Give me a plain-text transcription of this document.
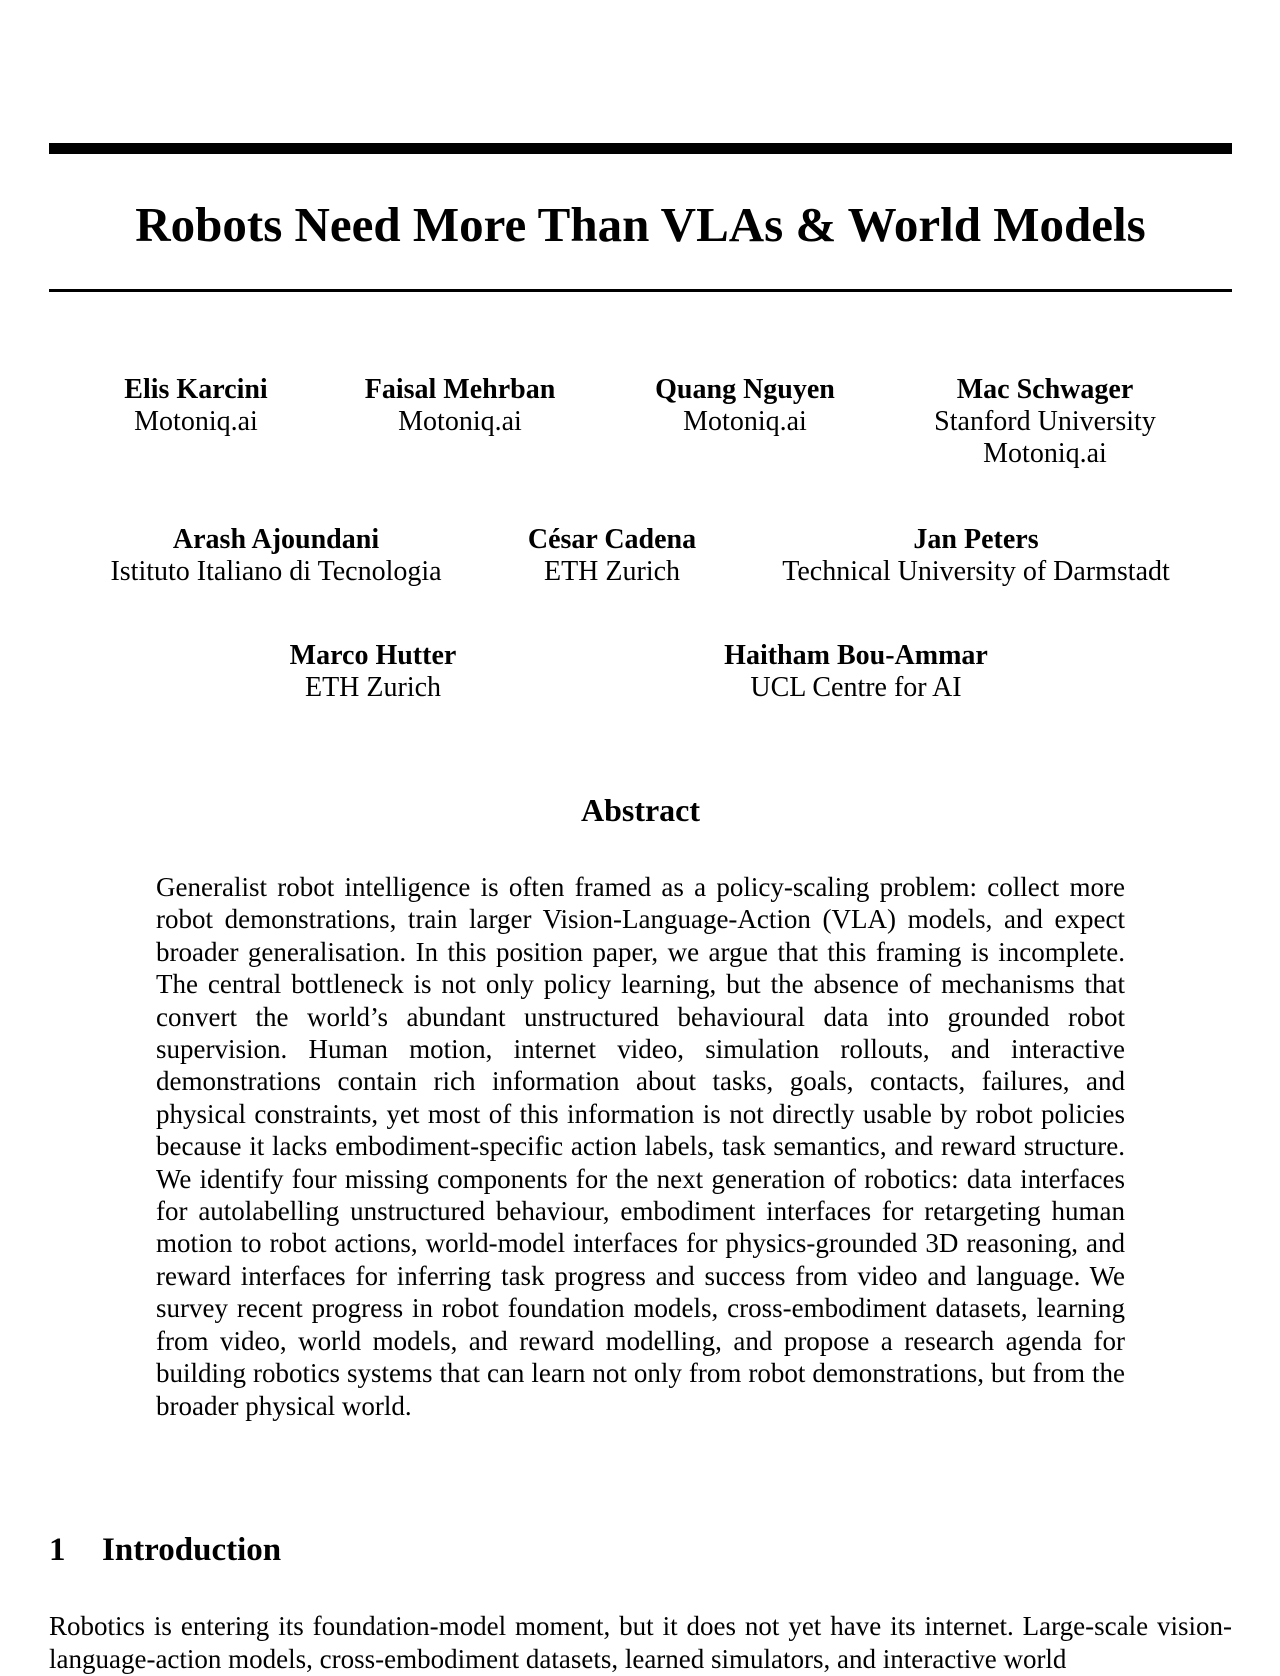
Robots Need More Than VLAs & World Models
Elis Karcini
Motoniq.ai
Faisal Mehrban
Motoniq.ai
Quang Nguyen
Motoniq.ai
Mac Schwager
Stanford University
Motoniq.ai
Arash Ajoundani
Istituto Italiano di Tecnologia
César Cadena
ETH Zurich
Jan Peters
Technical University of Darmstadt
Marco Hutter
ETH Zurich
Haitham Bou-Ammar
UCL Centre for AI
Abstract

Generalist robot intelligence is often framed as a policy-scaling problem: collect more robot demonstrations, train larger Vision-Language-Action (VLA) models, and expect broader generalisation. In this position paper, we argue that this framing is incomplete. The central bottleneck is not only policy learning, but the absence of mechanisms that convert the world’s abundant unstructured behavioural data into grounded robot supervision. Human motion, internet video, simulation rollouts, and interactive demonstrations contain rich information about tasks, goals, contacts, failures, and physical constraints, yet most of this information is not directly usable by robot policies because it lacks embodiment-specific action labels, task semantics, and reward structure. We identify four missing components for the next generation of robotics: data interfaces for autolabelling unstructured behaviour, embodiment interfaces for retargeting human motion to robot actions, world-model interfaces for physics-grounded 3D reasoning, and reward interfaces for inferring task progress and success from video and language. We survey recent progress in robot foundation models, cross-embodiment datasets, learning from video, world models, and reward modelling, and propose a research agenda for building robotics systems that can learn not only from robot demonstrations, but from the broader physical world.

1 Introduction

Robotics is entering its foundation-model moment, but it does not yet have its internet. Large-scale vision-language-action models, cross-embodiment datasets, learned simulators, and interactive world
